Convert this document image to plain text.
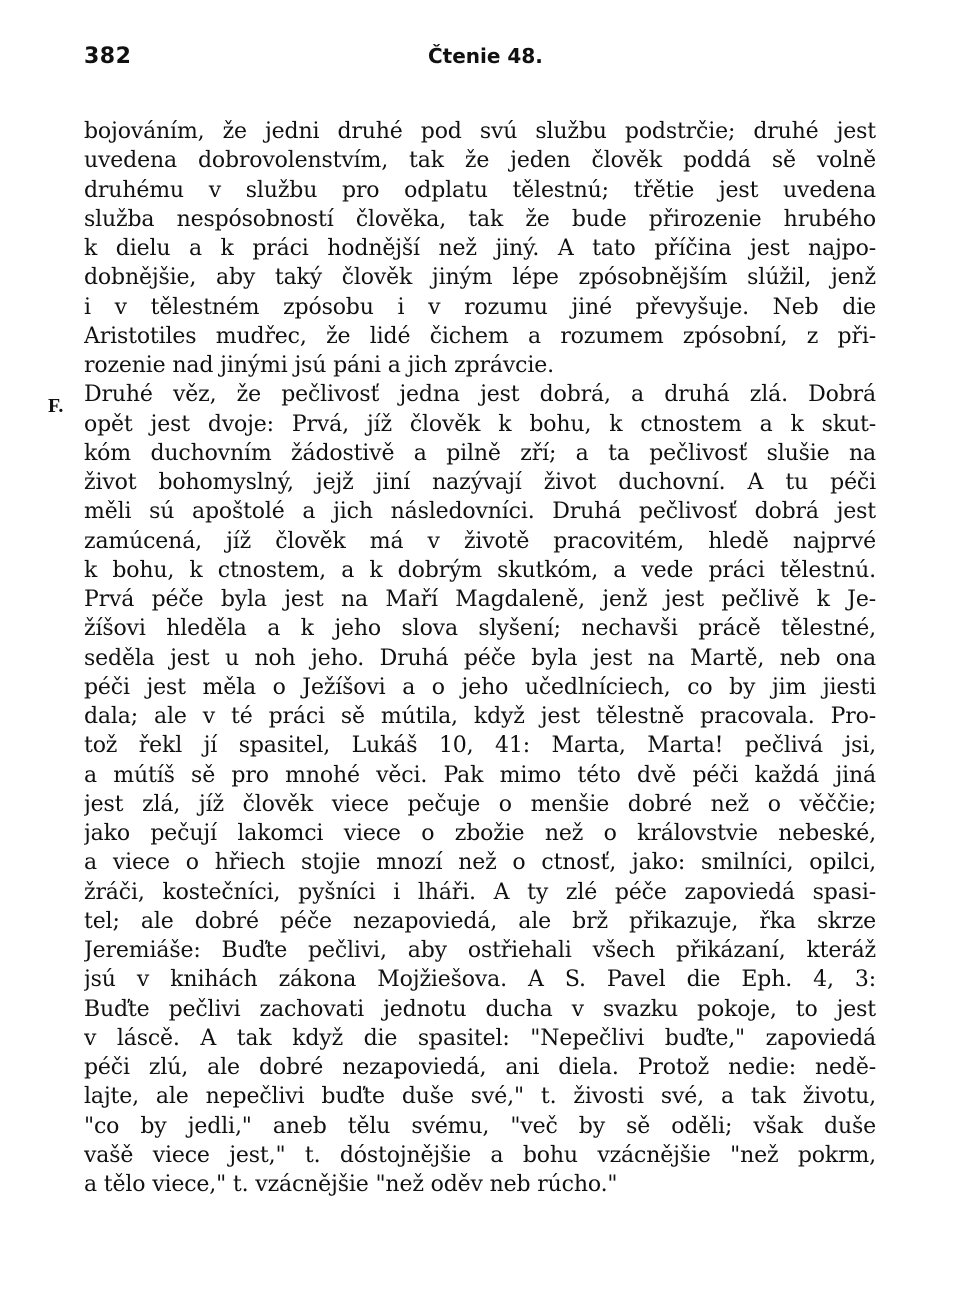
382	Čtenie 48.
F.
bojováním, že jedni druhé pod svú službu podstrčie; druhé jest
uvedena dobrovolenstvím, tak že jeden člověk poddá sě volně
druhému v službu pro odplatu tělestnú; třětie jest uvedena
služba nespósobností člověka, tak že bude přirozenie hrubého
k dielu a k práci hodnější než jiný. A tato příčina jest najpo-
dobnějšie, aby taký člověk jiným lépe zpósobnějším slúžil, jenž
i v tělestném zpósobu i v rozumu jiné převyšuje. Neb die
Aristotiles mudřec, že lidé čichem a rozumem zpósobní, z při-
rozenie nad jinými jsú páni a jich zprávcie.
Druhé věz, že pečlivosť jedna jest dobrá, a druhá zlá. Dobrá
opět jest dvoje: Prvá, jíž člověk k bohu, k ctnostem a k skut-
kóm duchovním žádostivě a pilně zří; a ta pečlivosť slušie na
život bohomyslný, jejž jiní nazývají život duchovní. A tu péči
měli sú apoštolé a jich následovníci. Druhá pečlivosť dobrá jest
zamúcená, jíž člověk má v životě pracovitém, hledě najprvé
k bohu, k ctnostem, a k dobrým skutkóm, a vede práci tělestnú.
Prvá péče byla jest na Maří Magdaleně, jenž jest pečlivě k Je-
žíšovi hleděla a k jeho slova slyšení; nechavši prácě tělestné,
seděla jest u noh jeho. Druhá péče byla jest na Martě, neb ona
péči jest měla o Ježíšovi a o jeho učedlníciech, co by jim jiesti
dala; ale v té práci sě mútila, když jest tělestně pracovala. Pro-
tož řekl jí spasitel, Lukáš 10, 41: Marta, Marta! pečlivá jsi,
a mútíš sě pro mnohé věci. Pak mimo této dvě péči každá jiná
jest zlá, jíž člověk viece pečuje o menšie dobré než o věččie;
jako pečují lakomci viece o zbožie než o královstvie nebeské,
a viece o hřiech stojie mnozí než o ctnosť, jako: smilníci, opilci,
žráči, kostečníci, pyšníci i lháři. A ty zlé péče zapoviedá spasi-
tel; ale dobré péče nezapoviedá, ale brž přikazuje, řka skrze
Jeremiáše: Buďte pečlivi, aby ostřiehali všech přikázaní, kteráž
jsú v knihách zákona Mojžiešova. A S. Pavel die Eph. 4, 3:
Buďte pečlivi zachovati jednotu ducha v svazku pokoje, to jest
v láscě. A tak když die spasitel: "Nepečlivi buďte," zapoviedá
péči zlú, ale dobré nezapoviedá, ani diela. Protož nedie: nedě-
lajte, ale nepečlivi buďte duše své," t. živosti své, a tak životu,
"co by jedli," aneb tělu svému, "več by sě oděli; však duše
vašě viece jest," t. dóstojnějšie a bohu vzácnějšie "než pokrm,
a tělo viece," t. vzácnějšie "než oděv neb rúcho."
